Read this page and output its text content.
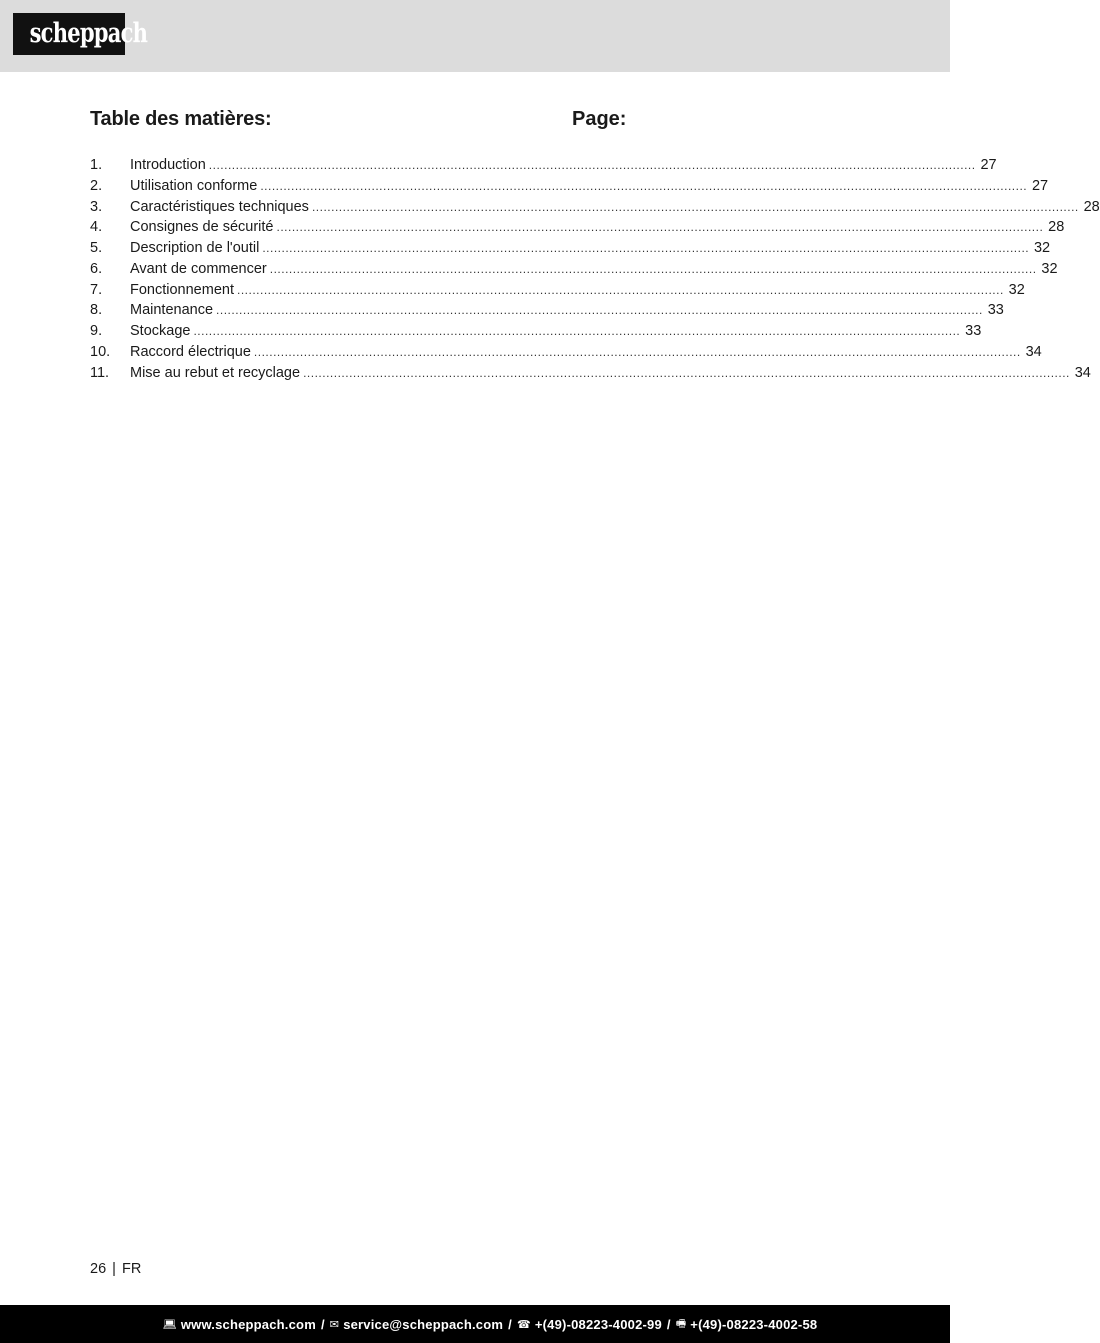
scheppach
Table des matières:	Page:
1.	Introduction ........................................................................................................................................................................................................ 27
2.	Utilisation conforme ........................................................................................................................................................................................................ 27
3.	Caractéristiques techniques ........................................................................................................................................................................................................ 28
4.	Consignes de sécurité ........................................................................................................................................................................................................ 28
5.	Description de l'outil ........................................................................................................................................................................................................ 32
6.	Avant de commencer ........................................................................................................................................................................................................ 32
7.	Fonctionnement ........................................................................................................................................................................................................ 32
8.	Maintenance ........................................................................................................................................................................................................ 33
9.	Stockage ........................................................................................................................................................................................................ 33
10.	Raccord électrique ........................................................................................................................................................................................................ 34
11.	Mise au rebut et recyclage ........................................................................................................................................................................................................ 34
26 | FR
💻︎ www.scheppach.com / ✉︎ service@scheppach.com / ☎︎ +(49)-08223-4002-99 / 🖷︎ +(49)-08223-4002-58
